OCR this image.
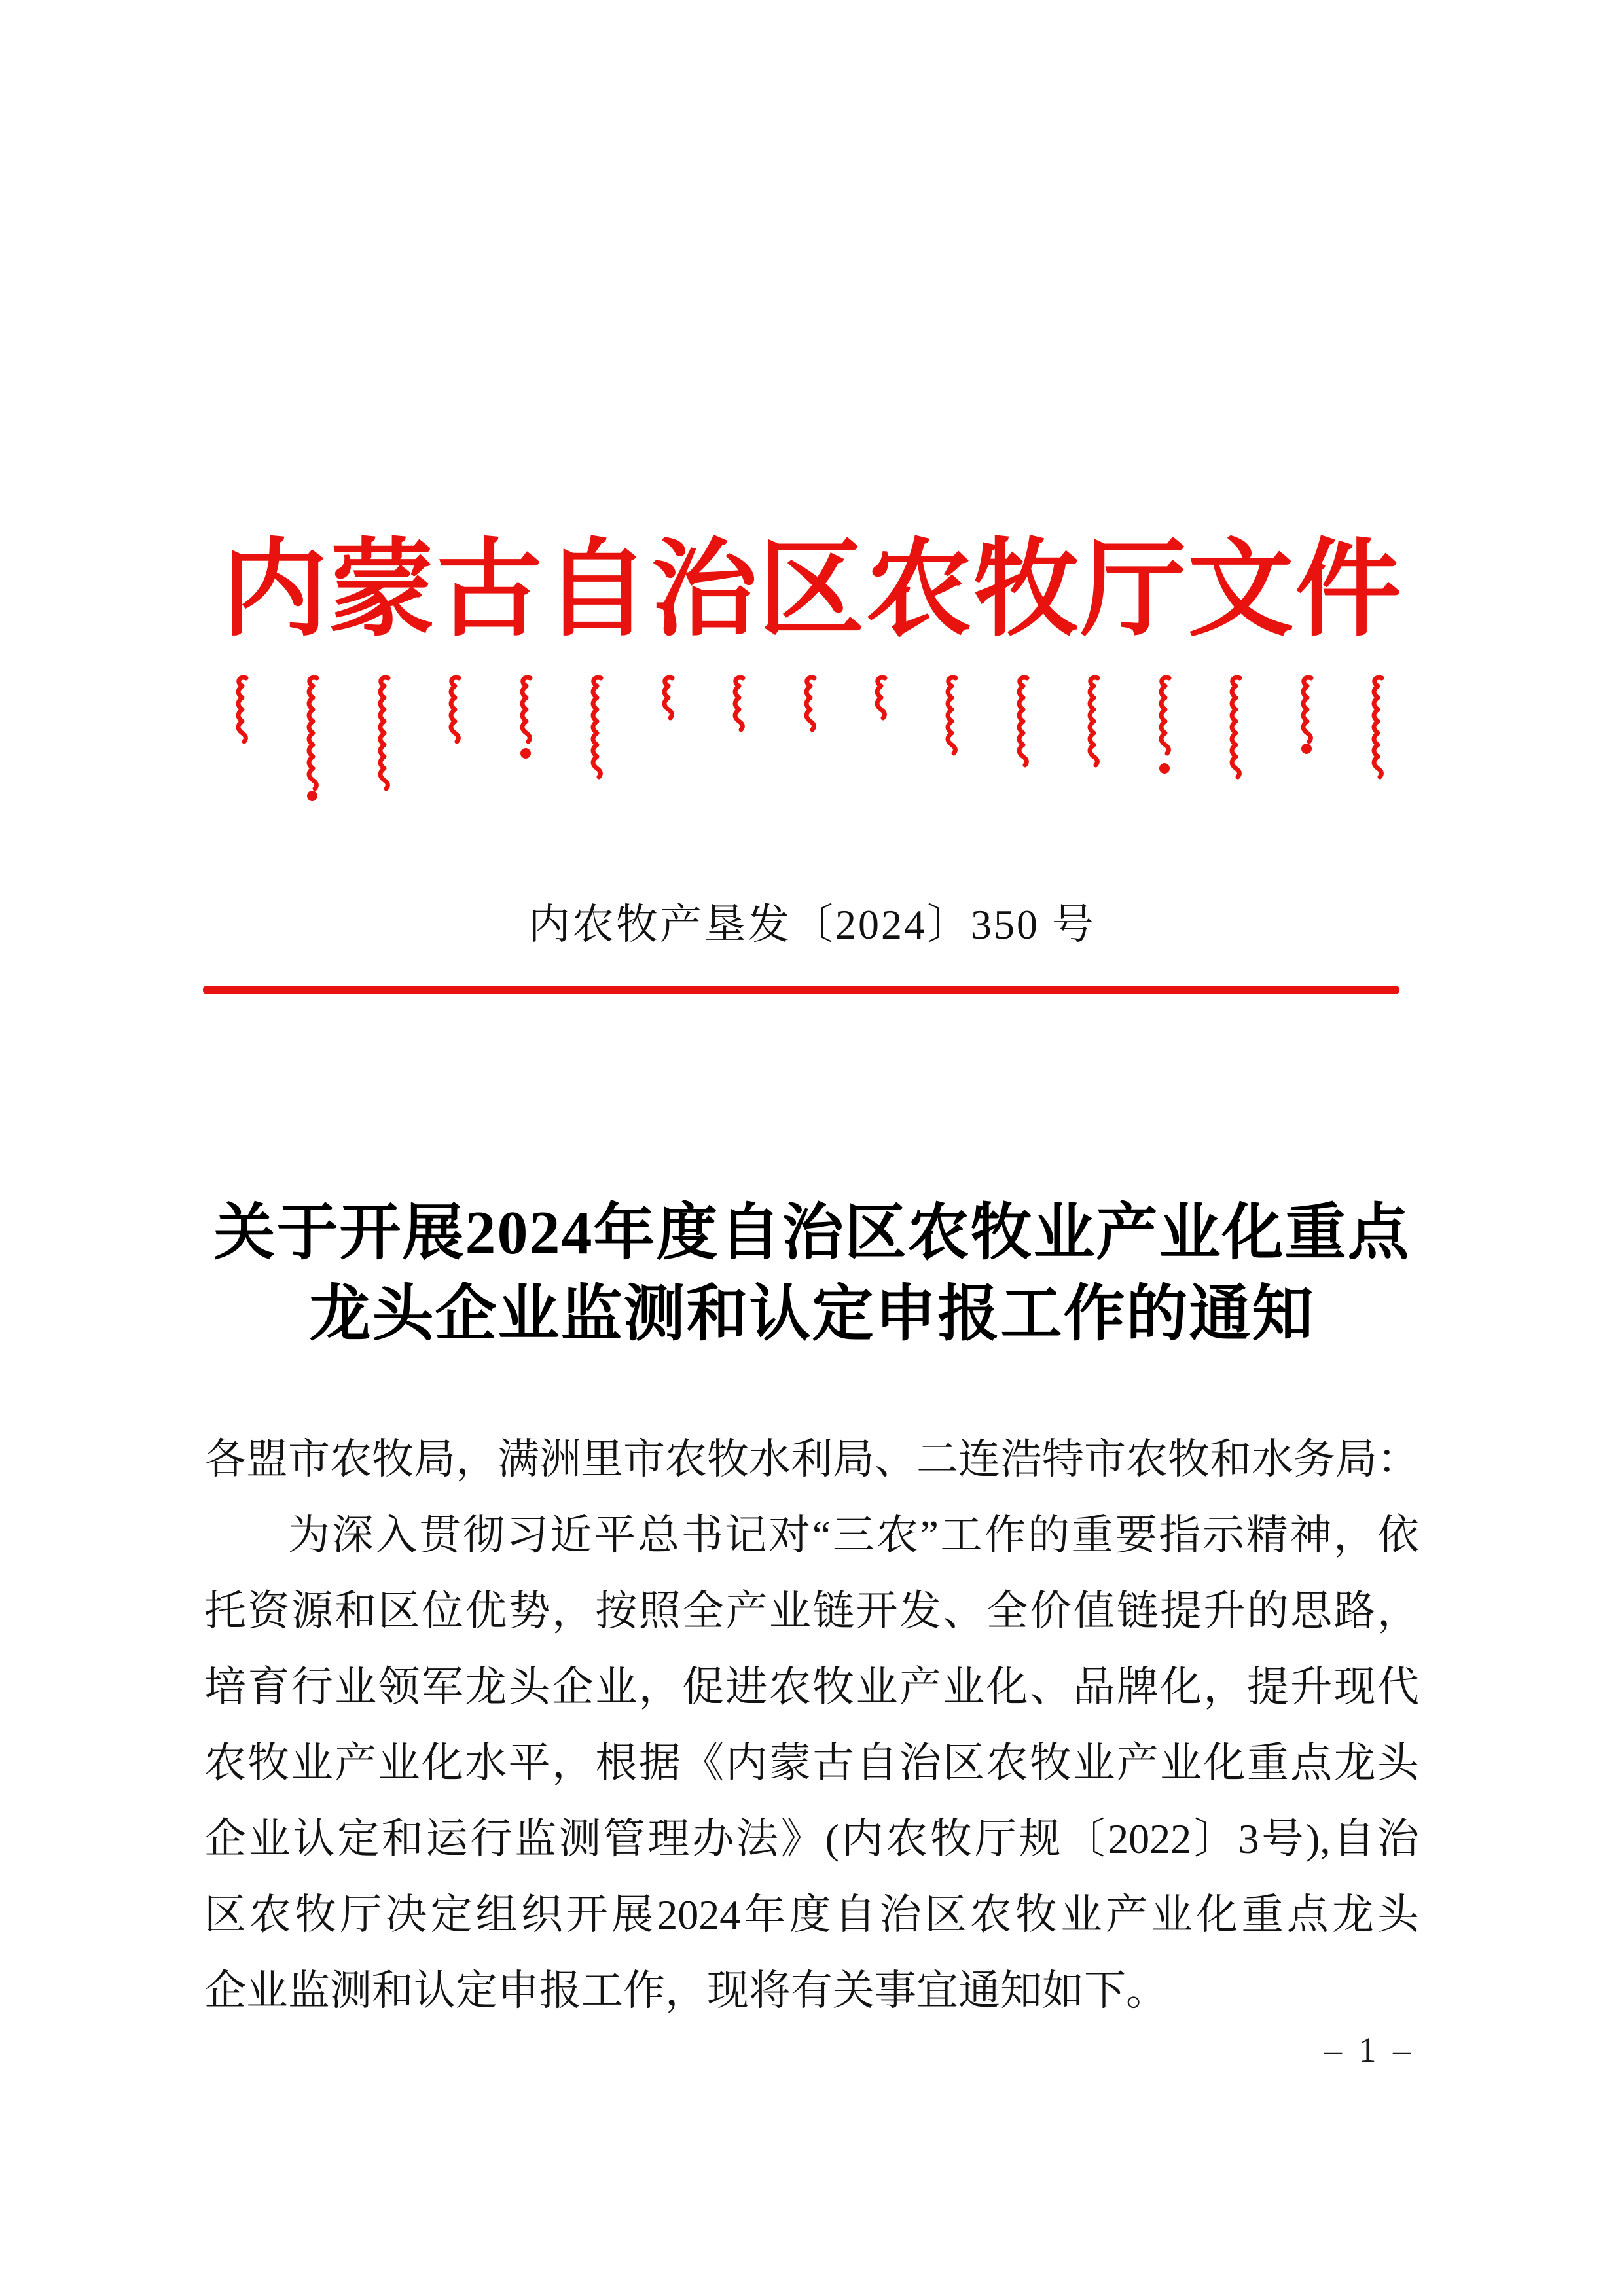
内蒙古自治区农牧厅文件
内农牧产垦发〔2024〕350 号
关于开展2024年度自治区农牧业产业化重点
龙头企业监测和认定申报工作的通知
各盟市农牧局，满洲里市农牧水利局、二连浩特市农牧和水务局：
为深入贯彻习近平总书记对“三农”工作的重要指示精神，依
托资源和区位优势，按照全产业链开发、全价值链提升的思路，
培育行业领军龙头企业，促进农牧业产业化、品牌化，提升现代
农牧业产业化水平，根据《内蒙古自治区农牧业产业化重点龙头
企业认定和运行监测管理办法》(内农牧厅规〔2022〕3号),自治
区农牧厅决定组织开展2024年度自治区农牧业产业化重点龙头
企业监测和认定申报工作，现将有关事宜通知如下。
– 1 –
